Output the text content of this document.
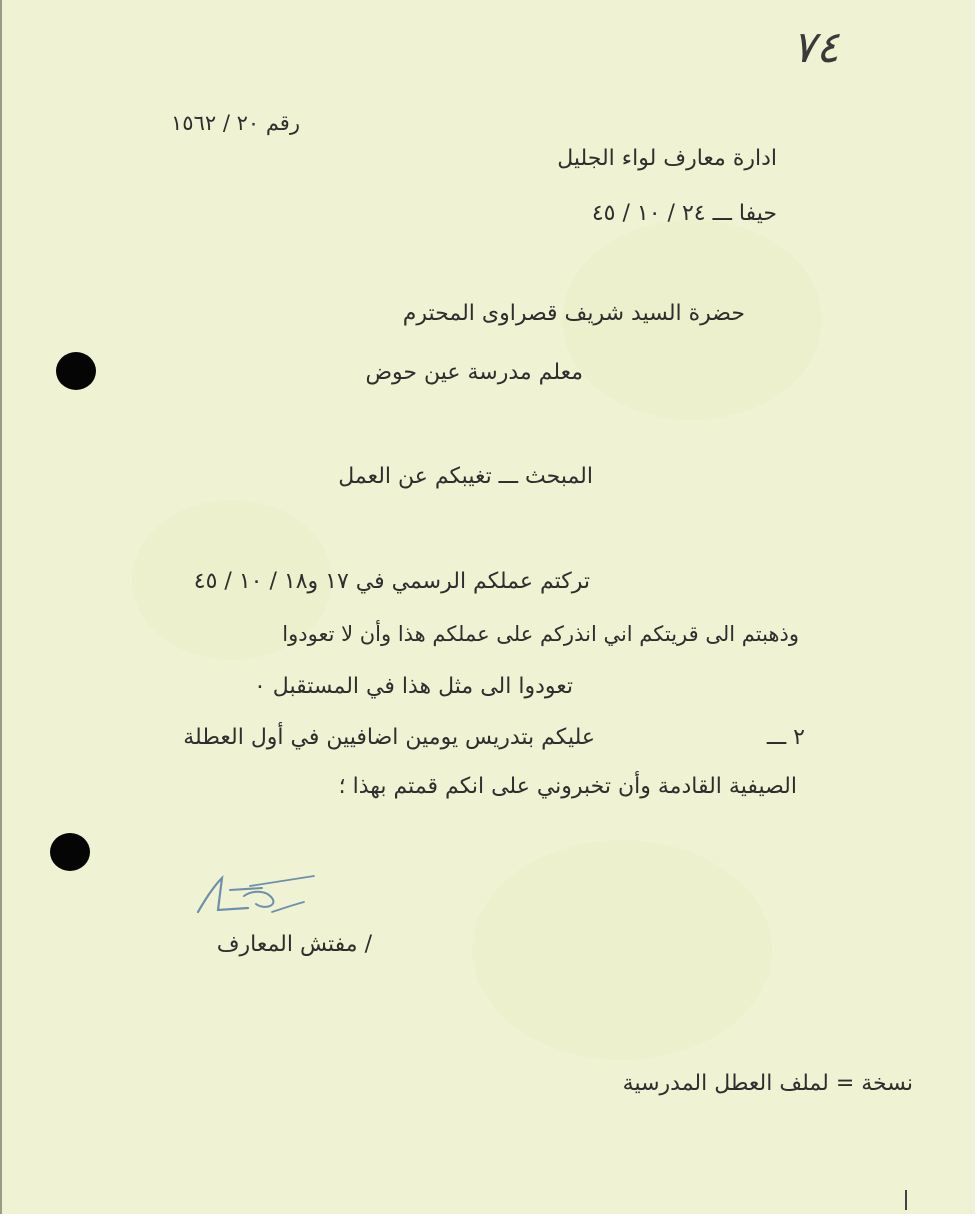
٧٤
رقم ٢٠ / ١٥٦٢
ادارة معارف لواء الجليل
حيفا ـــ ٢٤ / ١٠ / ٤٥
حضرة السيد شريف قصراوى المحترم
معلم مدرسة عين حوض
المبحث ـــ تغيبكم عن العمل
تركتم عملكم الرسمي في ١٧ و١٨ / ١٠ / ٤٥
وذهبتم الى قريتكم اني انذركم على عملكم هذا وأن لا تعودوا
تعودوا الى مثل هذا في المستقبل ٠
٢ ـــ
عليكم بتدريس يومين اضافيين في أول العطلة
الصيفية القادمة وأن تخبروني على انكم قمتم بهذا ؛
/ مفتش المعارف
نسخة = لملف العطل المدرسية
